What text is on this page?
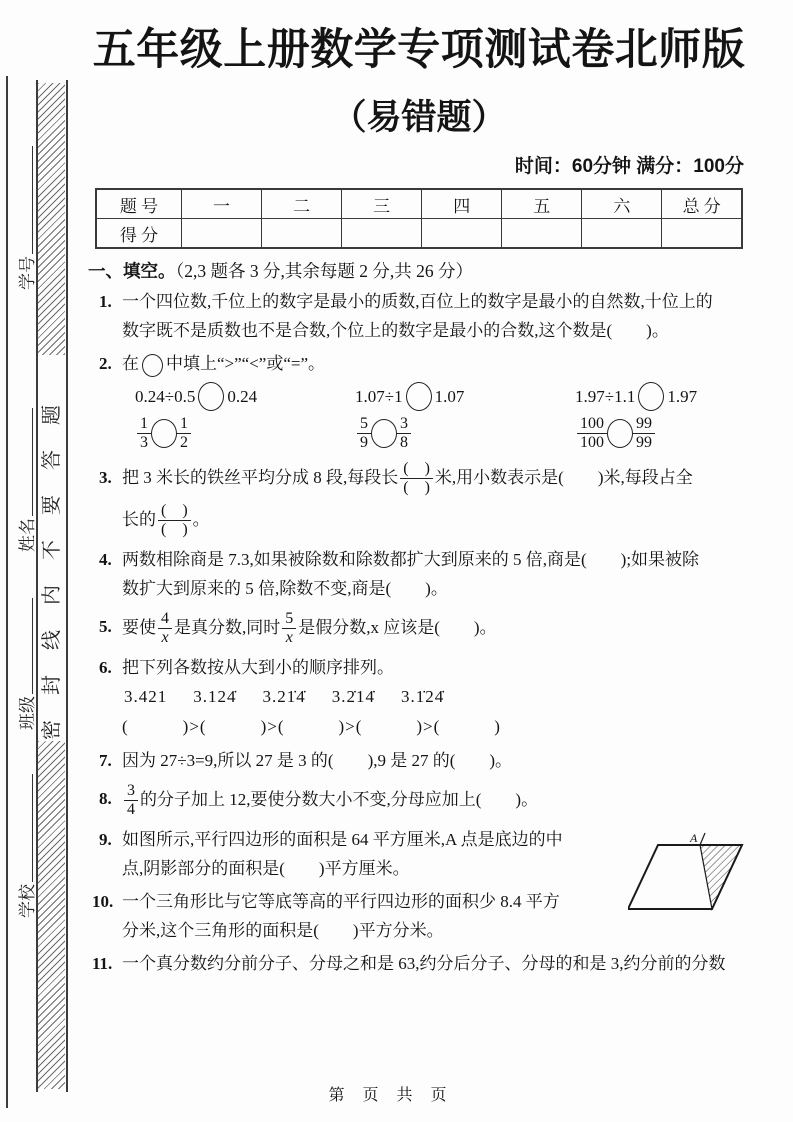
学号
姓名
班级
学校
密封线内不要答题
五年级上册数学专项测试卷北师版
（易错题）
时间：60分钟 满分：100分
题 号	一	二	三	四	五	六	总 分
得 分							
一、填空。（2,3 题各 3 分,其余每题 2 分,共 26 分）
1. 一个四位数,千位上的数字是最小的质数,百位上的数字是最小的自然数,十位上的
数字既不是质数也不是合数,个位上的数字是最小的合数,这个数是(　　)。
2. 在 中填上“>”“<”或“=”。
0.24÷0.5 0.24	1.07÷1 1.07	1.97÷1.1 1.97
$\frac{1}{3} \frac{1}{2}$	$\frac{5}{9} \frac{3}{8}$	$\frac{100}{100} \frac{99}{99}$
3. 把 3 米长的铁丝平均分成 8 段,每段长 $\frac{( )}{( )}$ 米,用小数表示是(　　)米,每段占全
长的 $\frac{( )}{( )}$ 。
4. 两数相除商是 7.3,如果被除数和除数都扩大到原来的 5 倍,商是(　　);如果被除
数扩大到原来的 5 倍,除数不变,商是(　　)。
5. 要使 $\frac{4}{x}$ 是真分数,同时 $\frac{5}{x}$ 是假分数,x 应该是(　　)。
6. 把下列各数按从大到小的顺序排列。
3.421 3.124̇ 3.21̇4̇ 3.2̇14̇ 3.1̇24̇
(　　　)>(　　　)>(　　　)>(　　　)>(　　　)
7. 因为 27÷3=9,所以 27 是 3 的(　　),9 是 27 的(　　)。
8. $\frac{3}{4}$ 的分子加上 12,要使分数大小不变,分母应加上(　　)。
9. 如图所示,平行四边形的面积是 64 平方厘米,A 点是底边的中
点,阴影部分的面积是(　　)平方厘米。
10. 一个三角形比与它等底等高的平行四边形的面积少 8.4 平方
分米,这个三角形的面积是(　　)平方分米。
11. 一个真分数约分前分子、分母之和是 63,约分后分子、分母的和是 3,约分前的分数
A
第 页 共 页
